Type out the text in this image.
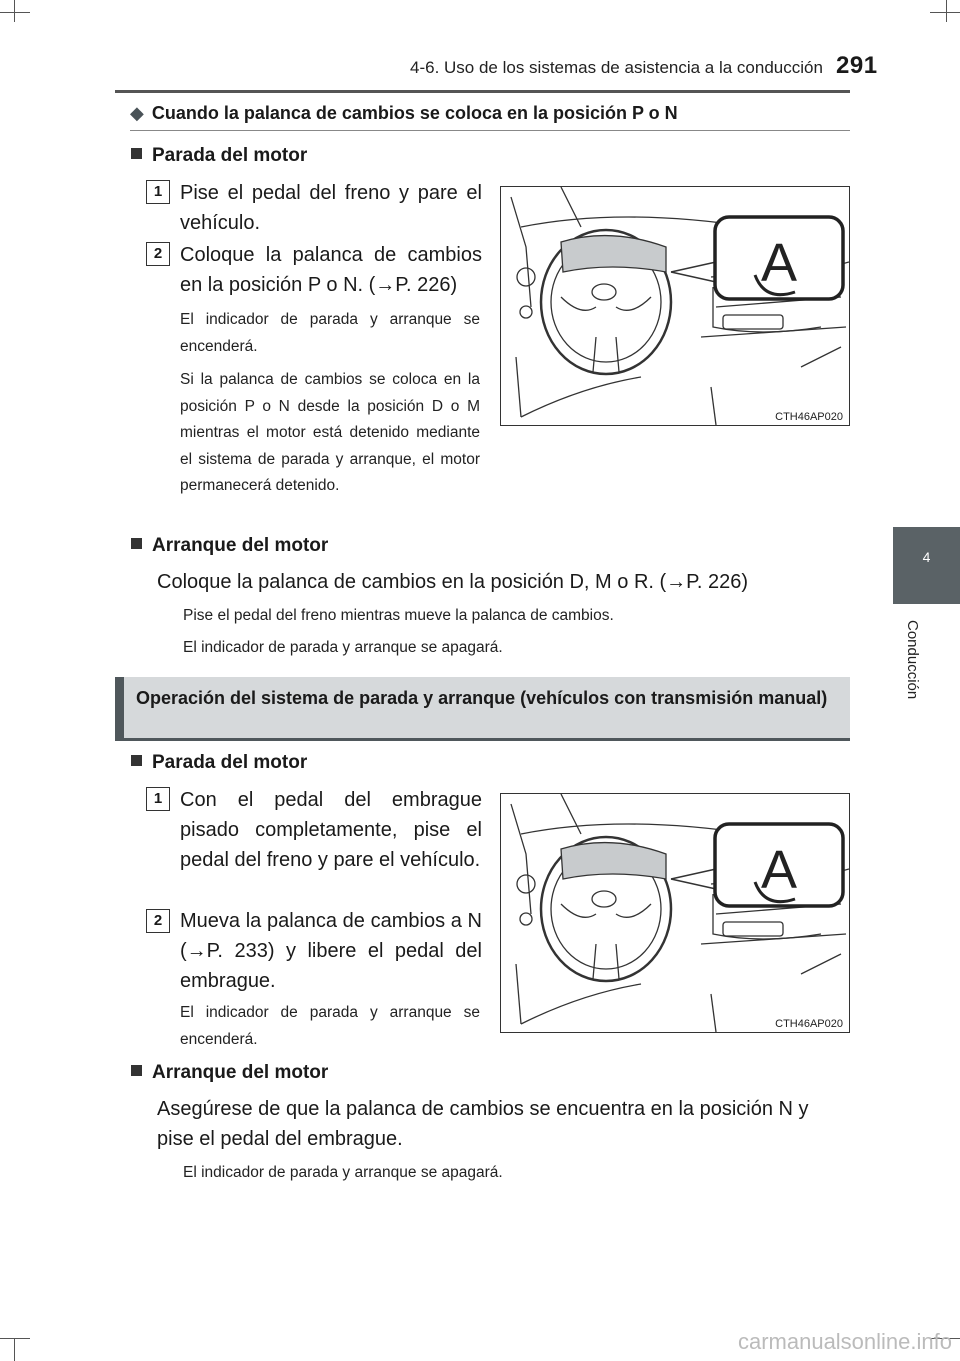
4-6. Uso de los sistemas de asistencia a la conducción 291
4
Conducción
◆ Cuando la palanca de cambios se coloca en la posición P o N
Parada del motor
1 Pise el pedal del freno y pare el vehículo.
2 Coloque la palanca de cambios en la posición P o N. (→P. 226)
El indicador de parada y arranque se encenderá.
Si la palanca de cambios se coloca en la posición P o N desde la posición D o M mientras el motor está detenido mediante el sistema de parada y arranque, el motor permanecerá detenido.
A
CTH46AP020
Arranque del motor
Coloque la palanca de cambios en la posición D, M o R. (→P. 226)
Pise el pedal del freno mientras mueve la palanca de cambios.
El indicador de parada y arranque se apagará.
Operación del sistema de parada y arranque (vehículos con transmisión manual)
Parada del motor
1 Con el pedal del embrague pisado completamente, pise el pedal del freno y pare el vehículo.
2 Mueva la palanca de cambios a N (→P. 233) y libere el pedal del embrague.
El indicador de parada y arranque se encenderá.
A
CTH46AP020
Arranque del motor
Asegúrese de que la palanca de cambios se encuentra en la posición N y pise el pedal del embrague.
El indicador de parada y arranque se apagará.
carmanualsonline.info
